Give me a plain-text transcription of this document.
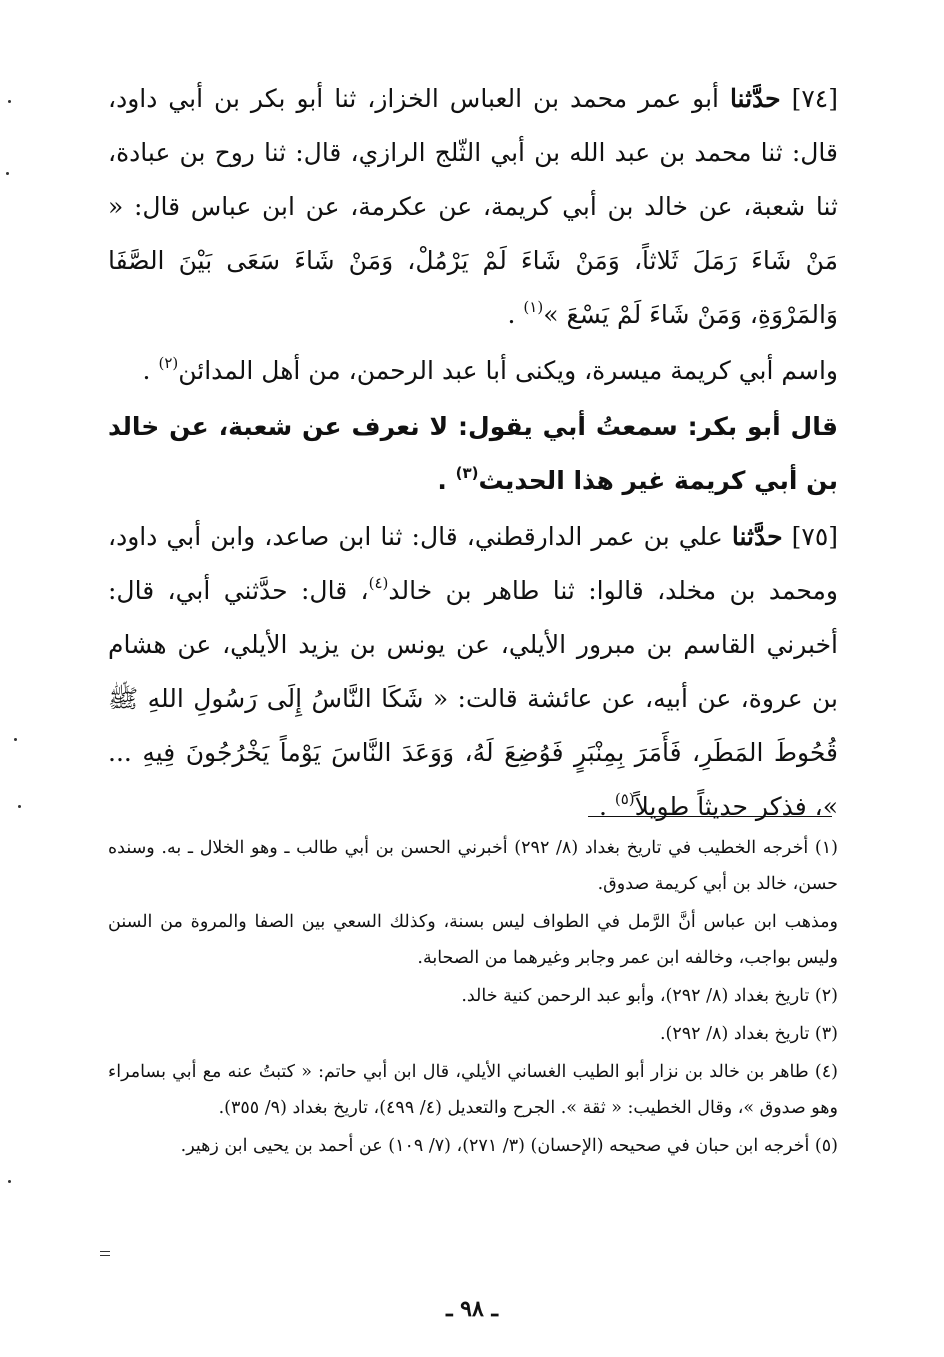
[٧٤] حدَّثنا أبو عمر محمد بن العباس الخزاز، ثنا أبو بكر بن أبي داود، قال: ثنا محمد بن عبد الله بن أبي الثّلج الرازي، قال: ثنا روح بن عبادة، ثنا شعبة، عن خالد بن أبي كريمة، عن عكرمة، عن ابن عباس قال: « مَنْ شَاءَ رَمَلَ ثَلاثاً، وَمَنْ شَاءَ لَمْ يَرْمُلْ، وَمَنْ شَاءَ سَعَى بَيْنَ الصَّفَا وَالمَرْوَةِ، وَمَنْ شَاءَ لَمْ يَسْعَ »$^{(١)}$ .

واسم أبي كريمة ميسرة، ويكنى أبا عبد الرحمن، من أهل المدائن$^{(٢)}$ .

قال أبو بكر: سمعتُ أبي يقول: لا نعرف عن شعبة، عن خالد بن أبي كريمة غير هذا الحديث$^{(٣)}$ .

[٧٥] حدَّثنا علي بن عمر الدارقطني، قال: ثنا ابن صاعد، وابن أبي داود، ومحمد بن مخلد، قالوا: ثنا طاهر بن خالد$^{(٤)}$، قال: حدَّثني أبي، قال: أخبرني القاسم بن مبرور الأيلي، عن يونس بن يزيد الأيلي، عن هشام بن عروة، عن أبيه، عن عائشة قالت: « شَكَا النَّاسُ إِلَى رَسُولِ اللهِ ﷺ قُحُوطَ المَطَرِ، فَأَمَرَ بِمِنْبَرٍ فَوُضِعَ لَهُ، وَوَعَدَ النَّاسَ يَوْماً يَخْرُجُونَ فِيهِ ... »، فذكر حديثاً طويلاً$^{(٥)}$ .

(١) أخرجه الخطيب في تاريخ بغداد (٨/ ٢٩٢) أخبرني الحسن بن أبي طالب ـ وهو الخلال ـ به. وسنده حسن، خالد بن أبي كريمة صدوق.
ومذهب ابن عباس أنَّ الرَّمل في الطواف ليس بسنة، وكذلك السعي بين الصفا والمروة من السنن وليس بواجب، وخالفه ابن عمر وجابر وغيرهما من الصحابة.
(٢) تاريخ بغداد (٨/ ٢٩٢)، وأبو عبد الرحمن كنية خالد.
(٣) تاريخ بغداد (٨/ ٢٩٢).
(٤) طاهر بن خالد بن نزار أبو الطيب الغساني الأيلي، قال ابن أبي حاتم: « كتبتُ عنه مع أبي بسامراء وهو صدوق »، وقال الخطيب: « ثقة ». الجرح والتعديل (٤/ ٤٩٩)، تاريخ بغداد (٩/ ٣٥٥).
(٥) أخرجه ابن حبان في صحيحه (الإحسان) (٣/ ٢٧١)، (٧/ ١٠٩) عن أحمد بن يحيى ابن زهير.
ـ ٩٨ ـ
